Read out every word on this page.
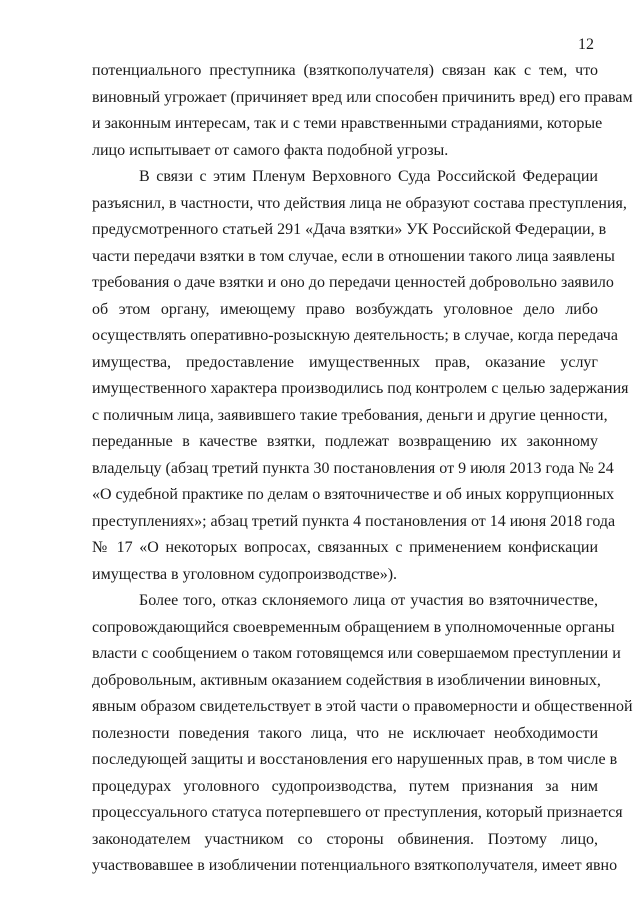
12

потенциального преступника (взяткополучателя) связан как с тем, что
виновный угрожает (причиняет вред или способен причинить вред) его правам
и законным интересам, так и с теми нравственными страданиями, которые
лицо испытывает от самого факта подобной угрозы.

В связи с этим Пленум Верховного Суда Российской Федерации
разъяснил, в частности, что действия лица не образуют состава преступления,
предусмотренного статьей 291 «Дача взятки» УК Российской Федерации, в
части передачи взятки в том случае, если в отношении такого лица заявлены
требования о даче взятки и оно до передачи ценностей добровольно заявило
об этом органу, имеющему право возбуждать уголовное дело либо
осуществлять оперативно-розыскную деятельность; в случае, когда передача
имущества, предоставление имущественных прав, оказание услуг
имущественного характера производились под контролем с целью задержания
с поличным лица, заявившего такие требования, деньги и другие ценности,
переданные в качестве взятки, подлежат возвращению их законному
владельцу (абзац третий пункта 30 постановления от 9 июля 2013 года № 24
«О судебной практике по делам о взяточничестве и об иных коррупционных
преступлениях»; абзац третий пункта 4 постановления от 14 июня 2018 года
№ 17 «О некоторых вопросах, связанных с применением конфискации
имущества в уголовном судопроизводстве»).

Более того, отказ склоняемого лица от участия во взяточничестве,
сопровождающийся своевременным обращением в уполномоченные органы
власти с сообщением о таком готовящемся или совершаемом преступлении и
добровольным, активным оказанием содействия в изобличении виновных,
явным образом свидетельствует в этой части о правомерности и общественной
полезности поведения такого лица, что не исключает необходимости
последующей защиты и восстановления его нарушенных прав, в том числе в
процедурах уголовного судопроизводства, путем признания за ним
процессуального статуса потерпевшего от преступления, который признается
законодателем участником со стороны обвинения. Поэтому лицо,
участвовавшее в изобличении потенциального взяткополучателя, имеет явно
